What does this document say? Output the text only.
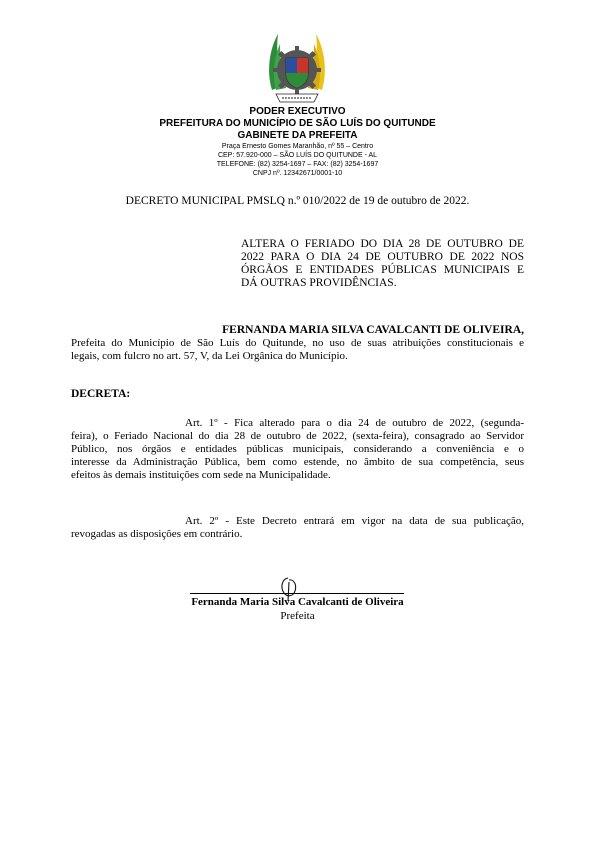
PODER EXECUTIVO
PREFEITURA DO MUNICÍPIO DE SÃO LUÍS DO QUITUNDE
GABINETE DA PREFEITA
Praça Ernesto Gomes Maranhão, nº 55 – Centro
CEP: 57.920-000 – SÃO LUÍS DO QUITUNDE - AL
TELEFONE: (82) 3254-1697 – FAX: (82) 3254-1697
CNPJ nº. 12342671/0001-10
DECRETO MUNICIPAL PMSLQ n.º 010/2022 de 19 de outubro de 2022.
ALTERA O FERIADO DO DIA 28 DE OUTUBRO DE
2022 PARA O DIA 24 DE OUTUBRO DE 2022 NOS
ÓRGÃOS E ENTIDADES PÚBLICAS MUNICIPAIS E
DÁ OUTRAS PROVIDÊNCIAS.
FERNANDA MARIA SILVA CAVALCANTI DE OLIVEIRA,
Prefeita do Município de São Luís do Quitunde, no uso de suas atribuições constitucionais e
legais, com fulcro no art. 57, V, da Lei Orgânica do Município.
DECRETA:
Art. 1º - Fica alterado para o dia 24 de outubro de 2022, (segunda-
feira), o Feriado Nacional do dia 28 de outubro de 2022, (sexta-feira), consagrado ao Servidor
Público, nos órgãos e entidades públicas municipais, considerando a conveniência e o
interesse da Administração Pública, bem como estende, no âmbito de sua competência, seus
efeitos às demais instituições com sede na Municipalidade.
Art. 2º - Este Decreto entrará em vigor na data de sua publicação,
revogadas as disposições em contrário.
Fernanda Maria Silva Cavalcanti de Oliveira
Prefeita
